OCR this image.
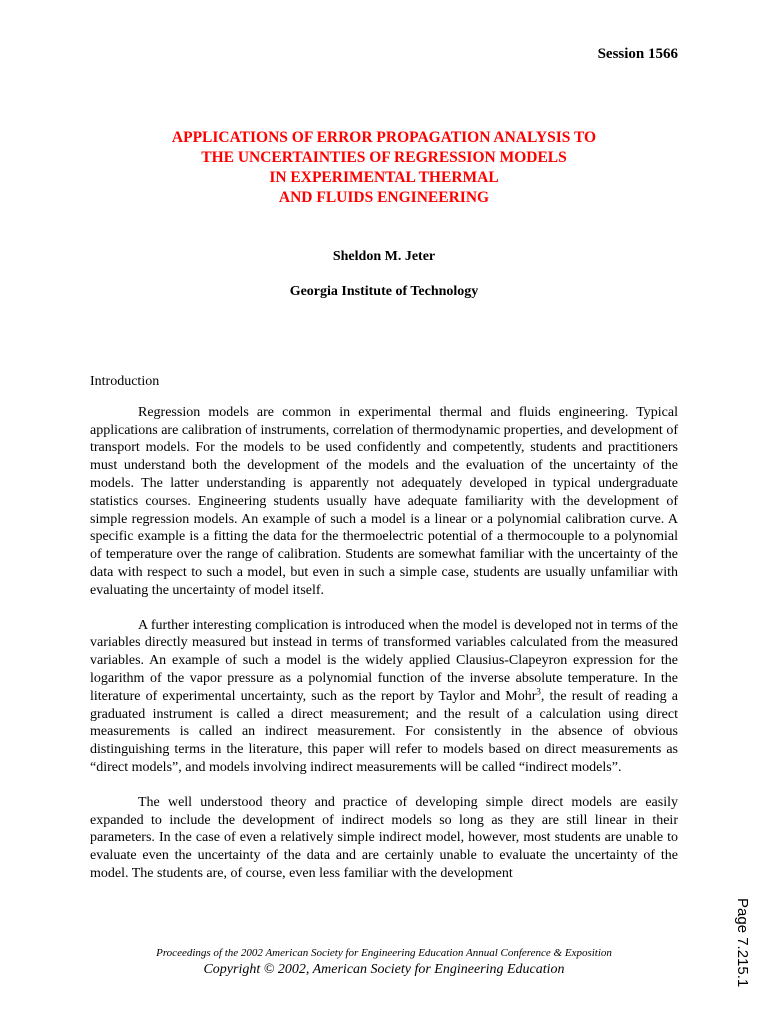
Session 1566
APPLICATIONS OF ERROR PROPAGATION ANALYSIS TO
THE UNCERTAINTIES OF REGRESSION MODELS
IN EXPERIMENTAL THERMAL
AND FLUIDS ENGINEERING
Sheldon M. Jeter
Georgia Institute of Technology
Introduction

Regression models are common in experimental thermal and fluids engineering. Typical applications are calibration of instruments, correlation of thermodynamic properties, and development of transport models. For the models to be used confidently and competently, students and practitioners must understand both the development of the models and the evaluation of the uncertainty of the models. The latter understanding is apparently not adequately developed in typical undergraduate statistics courses. Engineering students usually have adequate familiarity with the development of simple regression models. An example of such a model is a linear or a polynomial calibration curve. A specific example is a fitting the data for the thermoelectric potential of a thermocouple to a polynomial of temperature over the range of calibration. Students are somewhat familiar with the uncertainty of the data with respect to such a model, but even in such a simple case, students are usually unfamiliar with evaluating the uncertainty of model itself.

A further interesting complication is introduced when the model is developed not in terms of the variables directly measured but instead in terms of transformed variables calculated from the measured variables. An example of such a model is the widely applied Clausius-Clapeyron expression for the logarithm of the vapor pressure as a polynomial function of the inverse absolute temperature. In the literature of experimental uncertainty, such as the report by Taylor and Mohr$^3$, the result of reading a graduated instrument is called a direct measurement; and the result of a calculation using direct measurements is called an indirect measurement. For consistently in the absence of obvious distinguishing terms in the literature, this paper will refer to models based on direct measurements as “direct models”, and models involving indirect measurements will be called “indirect models”.

The well understood theory and practice of developing simple direct models are easily expanded to include the development of indirect models so long as they are still linear in their parameters. In the case of even a relatively simple indirect model, however, most students are unable to evaluate even the uncertainty of the data and are certainly unable to evaluate the uncertainty of the model. The students are, of course, even less familiar with the development

Proceedings of the 2002 American Society for Engineering Education Annual Conference & Exposition
Copyright © 2002, American Society for Engineering Education	Page 7.215.1
